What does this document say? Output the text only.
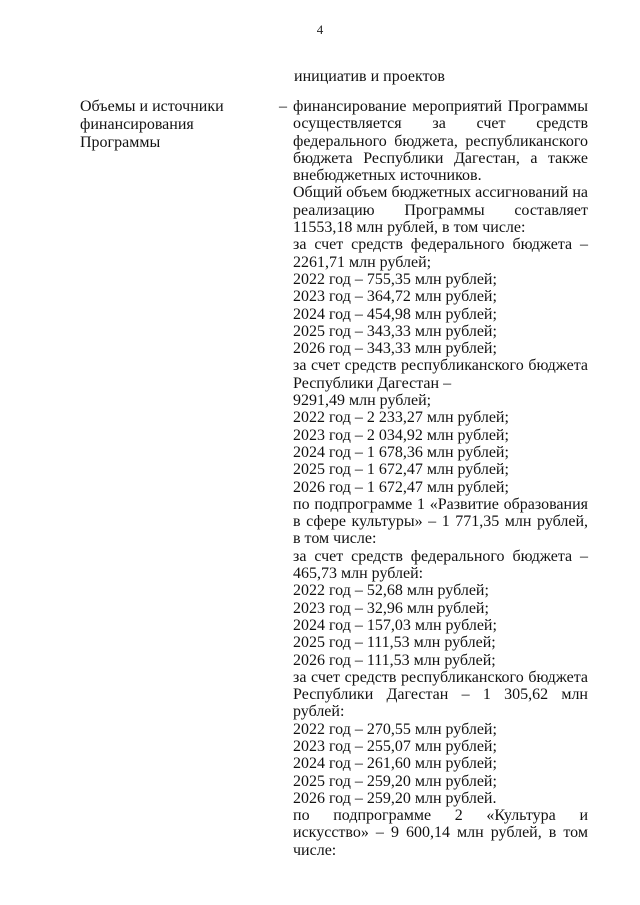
4
инициатив и проектов
Объемы и источники финансирования Программы
– финансирование мероприятий Программы осуществляется за счет средств федерального бюджета, республиканского бюджета Республики Дагестан, а также внебюджетных источников.
Общий объем бюджетных ассигнований на реализацию Программы составляет 11553,18 млн рублей, в том числе:
за счет средств федерального бюджета – 2261,71 млн рублей;
2022 год – 755,35 млн рублей;
2023 год – 364,72 млн рублей;
2024 год – 454,98 млн рублей;
2025 год – 343,33 млн рублей;
2026 год – 343,33 млн рублей;
за счет средств республиканского бюджета Республики Дагестан –
9291,49 млн рублей;
2022 год – 2 233,27 млн рублей;
2023 год – 2 034,92 млн рублей;
2024 год – 1 678,36 млн рублей;
2025 год – 1 672,47 млн рублей;
2026 год – 1 672,47 млн рублей;
по подпрограмме 1 «Развитие образования в сфере культуры» – 1 771,35 млн рублей, в том числе:
за счет средств федерального бюджета – 465,73 млн рублей:
2022 год – 52,68 млн рублей;
2023 год – 32,96 млн рублей;
2024 год – 157,03 млн рублей;
2025 год – 111,53 млн рублей;
2026 год – 111,53 млн рублей;
за счет средств республиканского бюджета Республики Дагестан – 1 305,62 млн рублей:
2022 год – 270,55 млн рублей;
2023 год – 255,07 млн рублей;
2024 год – 261,60 млн рублей;
2025 год – 259,20 млн рублей;
2026 год – 259,20 млн рублей.
по подпрограмме 2 «Культура и искусство» – 9 600,14 млн рублей, в том числе:
